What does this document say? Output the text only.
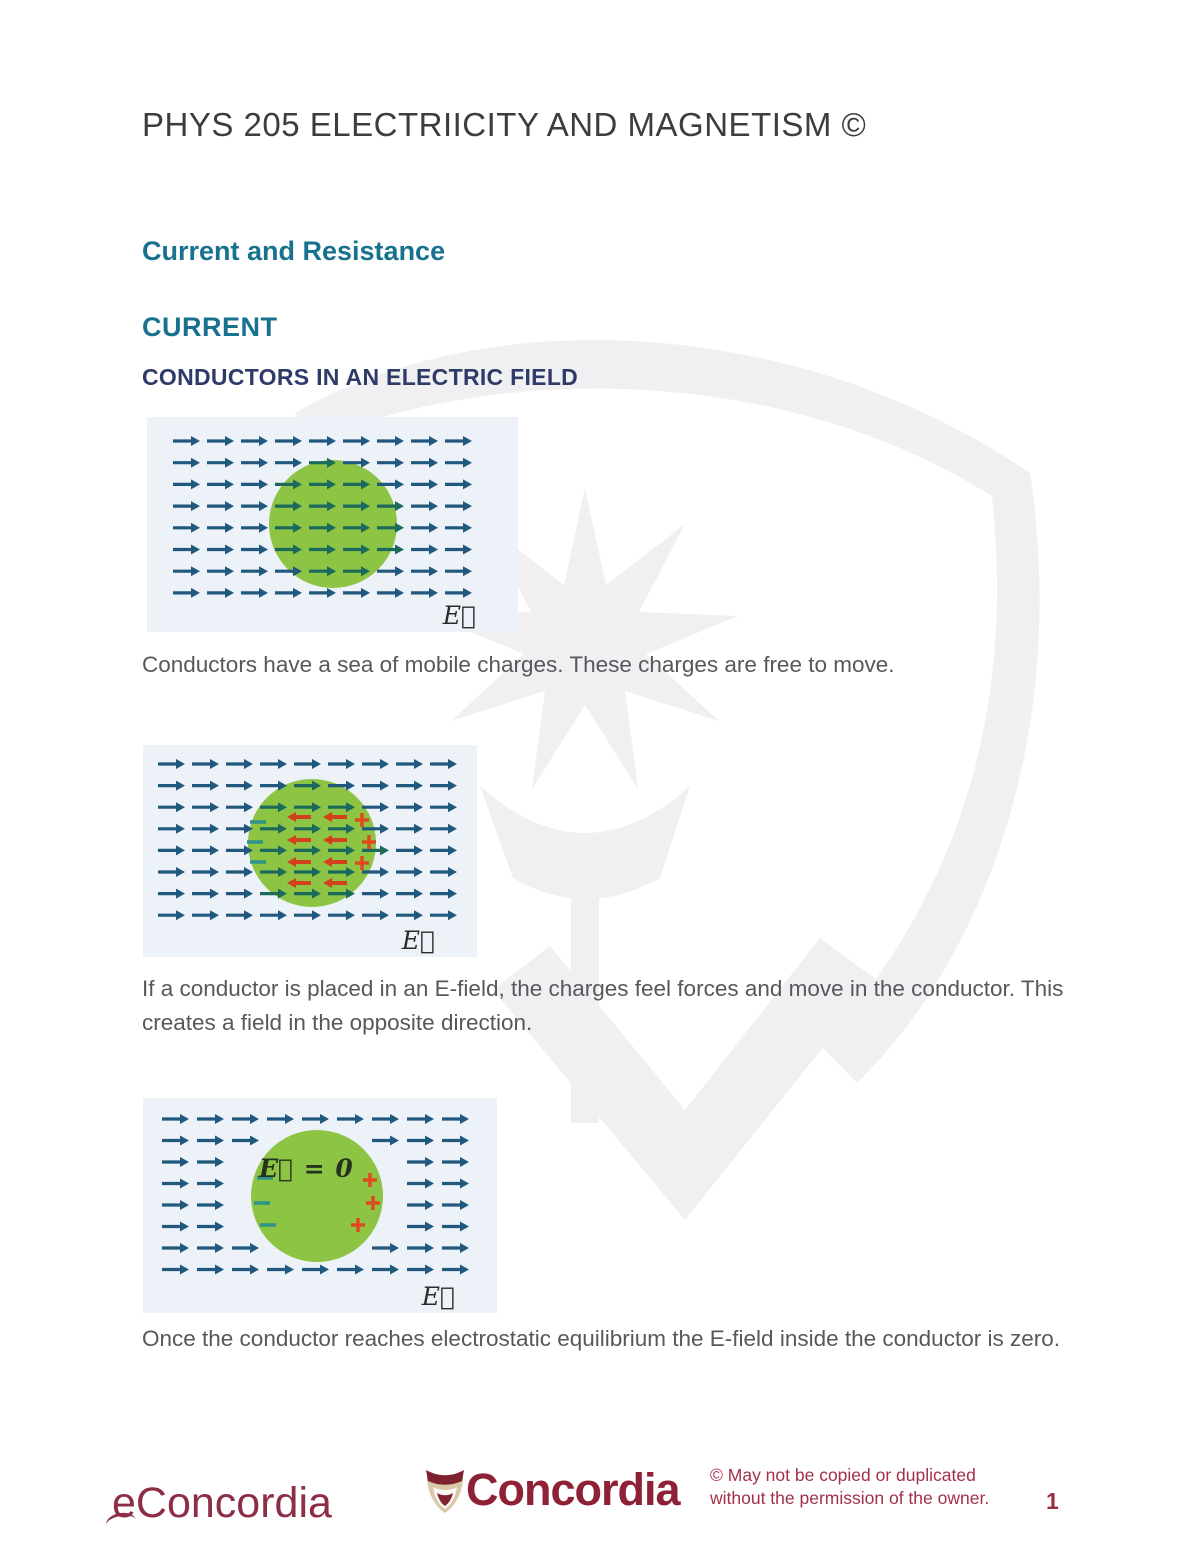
PHYS 205 ELECTRIICITY AND MAGNETISM ©
Current and Resistance
CURRENT
CONDUCTORS IN AN ELECTRIC FIELD
E⃗

Conductors have a sea of mobile charges. These charges are free to move.

E⃗

If a conductor is placed in an E-field, the charges feel forces and move in the conductor. This creates a field in the opposite direction.

E⃗ = 0
E⃗

Once the conductor reaches electrostatic equilibrium the E-field inside the conductor is zero.

eConcordia	Concordia © May not be copied or duplicated
without the permission of the owner. 1
